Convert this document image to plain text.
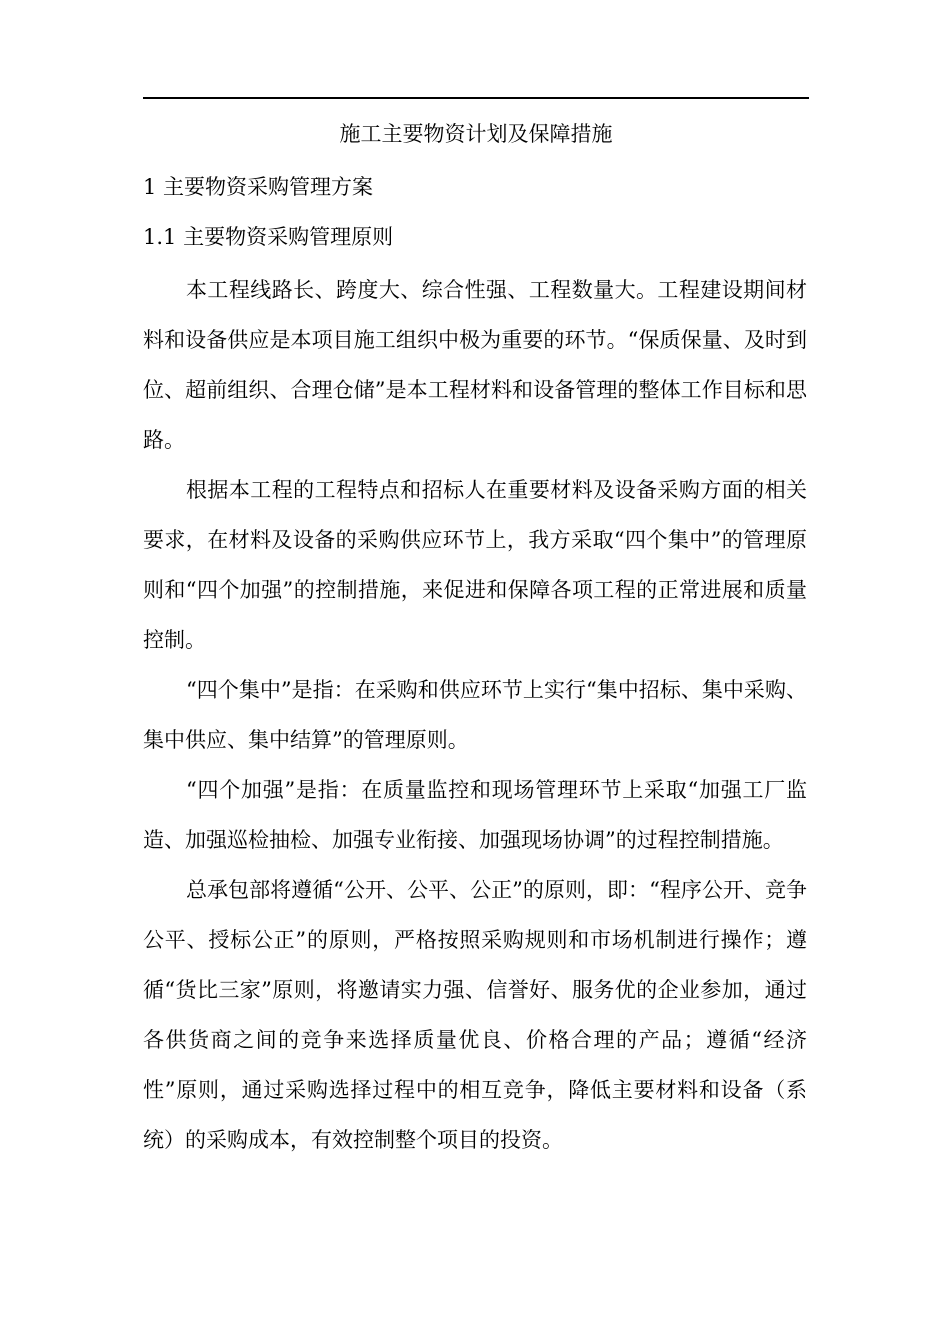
施工主要物资计划及保障措施
1 主要物资采购管理方案
1.1 主要物资采购管理原则

本工程线路长、跨度大、综合性强、工程数量大。工程建设期间材料和设备供应是本项目施工组织中极为重要的环节。“保质保量、及时到位、超前组织、合理仓储”是本工程材料和设备管理的整体工作目标和思路。

根据本工程的工程特点和招标人在重要材料及设备采购方面的相关要求，在材料及设备的采购供应环节上，我方采取“四个集中”的管理原则和“四个加强”的控制措施，来促进和保障各项工程的正常进展和质量控制。

“四个集中”是指：在采购和供应环节上实行“集中招标、集中采购、集中供应、集中结算”的管理原则。

“四个加强”是指：在质量监控和现场管理环节上采取“加强工厂监造、加强巡检抽检、加强专业衔接、加强现场协调”的过程控制措施。

总承包部将遵循“公开、公平、公正”的原则，即：“程序公开、竞争公平、授标公正”的原则，严格按照采购规则和市场机制进行操作；遵循“货比三家”原则，将邀请实力强、信誉好、服务优的企业参加，通过各供货商之间的竞争来选择质量优良、价格合理的产品；遵循“经济性”原则，通过采购选择过程中的相互竞争，降低主要材料和设备（系统）的采购成本，有效控制整个项目的投资。
